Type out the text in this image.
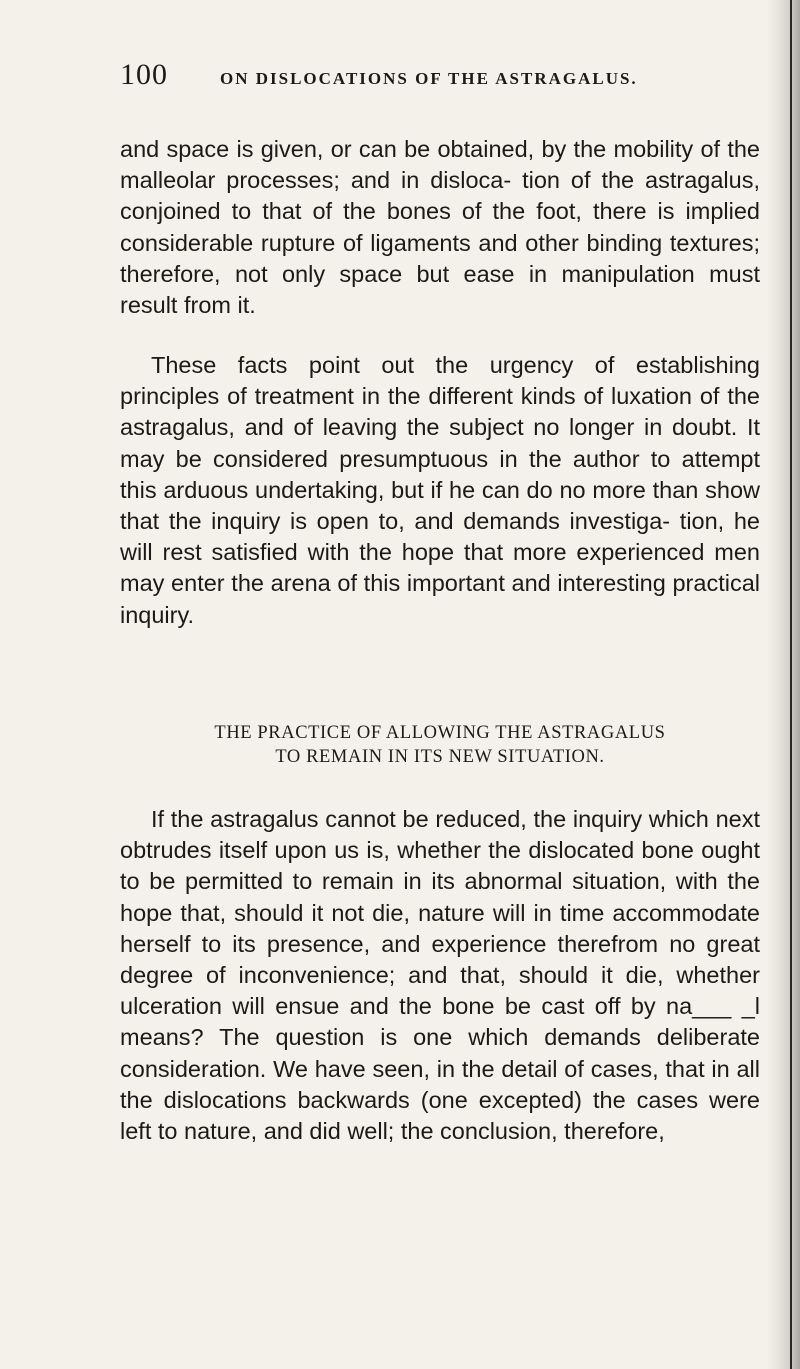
100	ON DISLOCATIONS OF THE ASTRAGALUS.

and space is given, or can be obtained, by the mobility of the malleolar processes; and in disloca- tion of the astragalus, conjoined to that of the bones of the foot, there is implied considerable rupture of ligaments and other binding textures; therefore, not only space but ease in manipulation must result from it.

These facts point out the urgency of establishing principles of treatment in the different kinds of luxation of the astragalus, and of leaving the subject no longer in doubt. It may be considered presumptuous in the author to attempt this arduous undertaking, but if he can do no more than show that the inquiry is open to, and demands investiga- tion, he will rest satisfied with the hope that more experienced men may enter the arena of this important and interesting practical inquiry.

THE PRACTICE OF ALLOWING THE ASTRAGALUS
TO REMAIN IN ITS NEW SITUATION.

If the astragalus cannot be reduced, the inquiry which next obtrudes itself upon us is, whether the dislocated bone ought to be permitted to remain in its abnormal situation, with the hope that, should it not die, nature will in time accommodate herself to its presence, and experience therefrom no great degree of inconvenience; and that, should it die, whether ulceration will ensue and the bone be cast off by na___ _l means? The question is one which demands deliberate consideration. We have seen, in the detail of cases, that in all the dislocations backwards (one excepted) the cases were left to nature, and did well; the conclusion, therefore,
